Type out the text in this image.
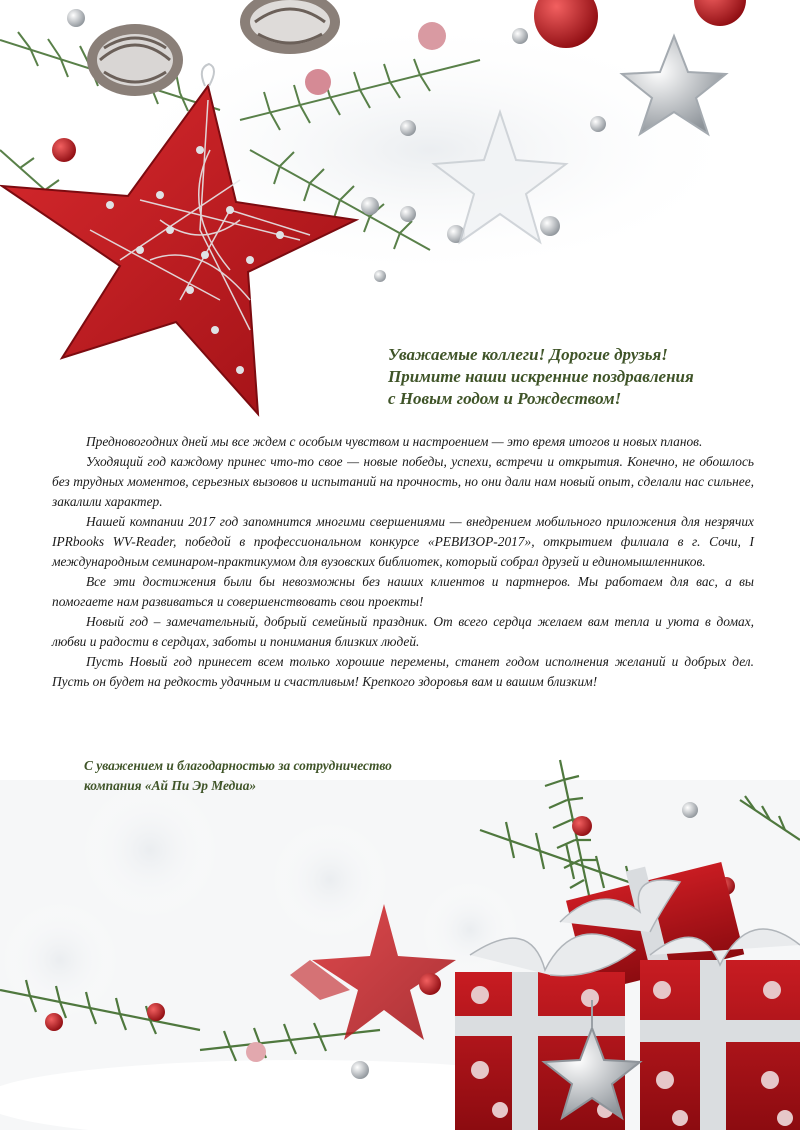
Уважаемые коллеги! Дорогие друзья!
Примите наши искренние поздравления
с Новым годом и Рождеством!

Предновогодних дней мы все ждем с особым чувством и настроением — это время итогов и новых планов.

Уходящий год каждому принес что-то свое — новые победы, успехи, встречи и открытия. Конечно, не обошлось без трудных моментов, серьезных вызовов и испытаний на прочность, но они дали нам новый опыт, сделали нас сильнее, закалили характер.

Нашей компании 2017 год запомнится многими свершениями — внедрением мобильного приложения для незрячих IPRbooks WV-Reader, победой в профессиональном конкурсе «РЕВИЗОР-2017», открытием филиала в г. Сочи, I международным семинаром-практикумом для вузовских библиотек, который собрал друзей и единомышленников.

Все эти достижения были бы невозможны без наших клиентов и партнеров. Мы работаем для вас, а вы помогаете нам развиваться и совершенствовать свои проекты!

Новый год – замечательный, добрый семейный праздник. От всего сердца желаем вам тепла и уюта в домах, любви и радости в сердцах, заботы и понимания близких людей.

Пусть Новый год принесет всем только хорошие перемены, станет годом исполнения желаний и добрых дел. Пусть он будет на редкость удачным и счастливым! Крепкого здоровья вам и вашим близким!

С уважением и благодарностью за сотрудничество
компания «Ай Пи Эр Медиа»
